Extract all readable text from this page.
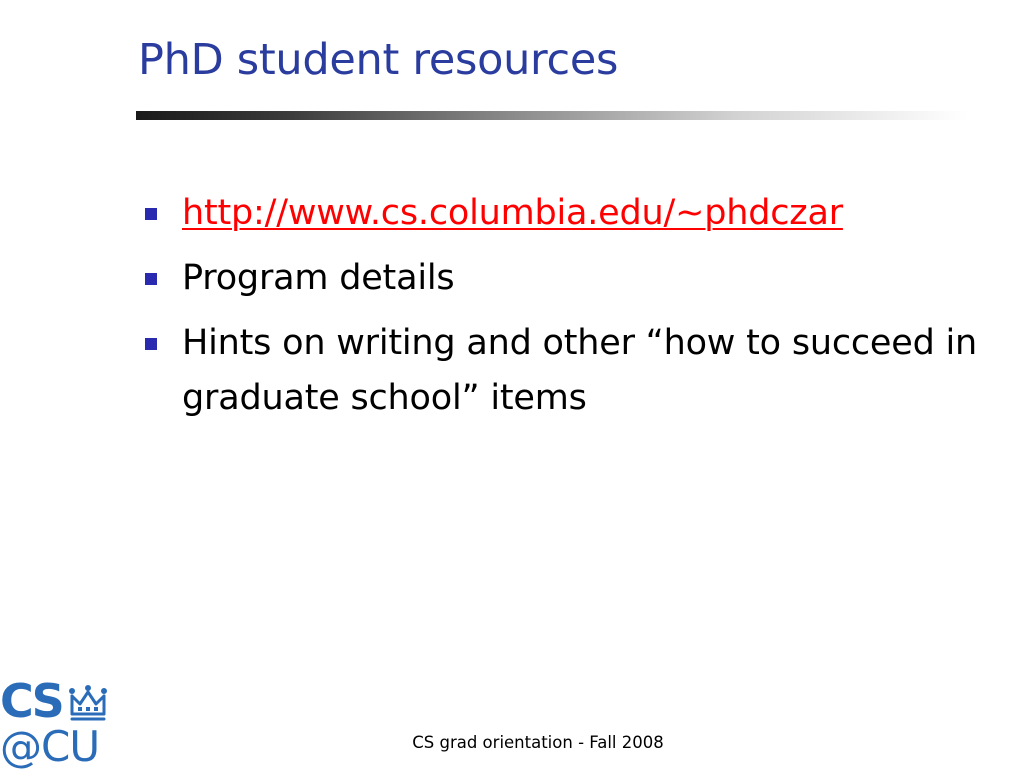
PhD student resources
http://www.cs.columbia.edu/~phdczar
Program details
Hints on writing and other “how to succeed in graduate school” items
CS
@CU	CS grad orientation - Fall 2008
